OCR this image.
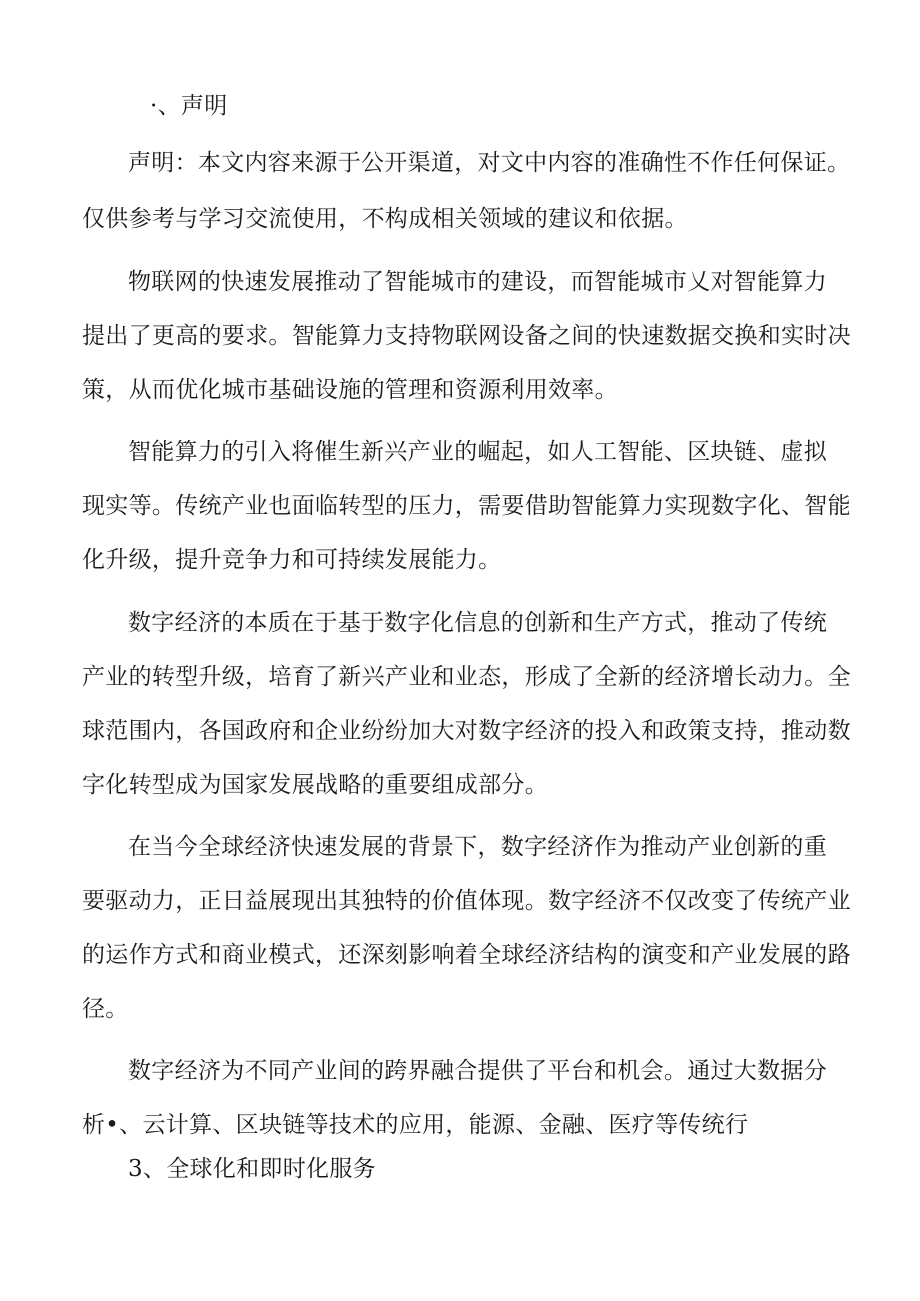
·、声明
声明：本文内容来源于公开渠道，对文中内容的准确性不作任何保证。
仅供参考与学习交流使用，不构成相关领域的建议和依据。
物联网的快速发展推动了智能城市的建设，而智能城市乂对智能算力
提出了更高的要求。智能算力支持物联网设备之间的快速数据交换和实时决
策，从而优化城市基础设施的管理和资源利用效率。
智能算力的引入将催生新兴产业的崛起，如人工智能、区块链、虚拟
现实等。传统产业也面临转型的压力，需要借助智能算力实现数字化、智能
化升级，提升竞争力和可持续发展能力。
数字经济的本质在于基于数字化信息的创新和生产方式，推动了传统
产业的转型升级，培育了新兴产业和业态，形成了全新的经济增长动力。全
球范围内，各国政府和企业纷纷加大对数字经济的投入和政策支持，推动数
字化转型成为国家发展战略的重要组成部分。
在当今全球经济快速发展的背景下，数字经济作为推动产业创新的重
要驱动力，正日益展现出其独特的价值体现。数字经济不仅改变了传统产业
的运作方式和商业模式，还深刻影响着全球经济结构的演变和产业发展的路
径。
数字经济为不同产业间的跨界融合提供了平台和机会。通过大数据分
析•、云计算、区块链等技术的应用，能源、金融、医疗等传统行
3、全球化和即时化服务
